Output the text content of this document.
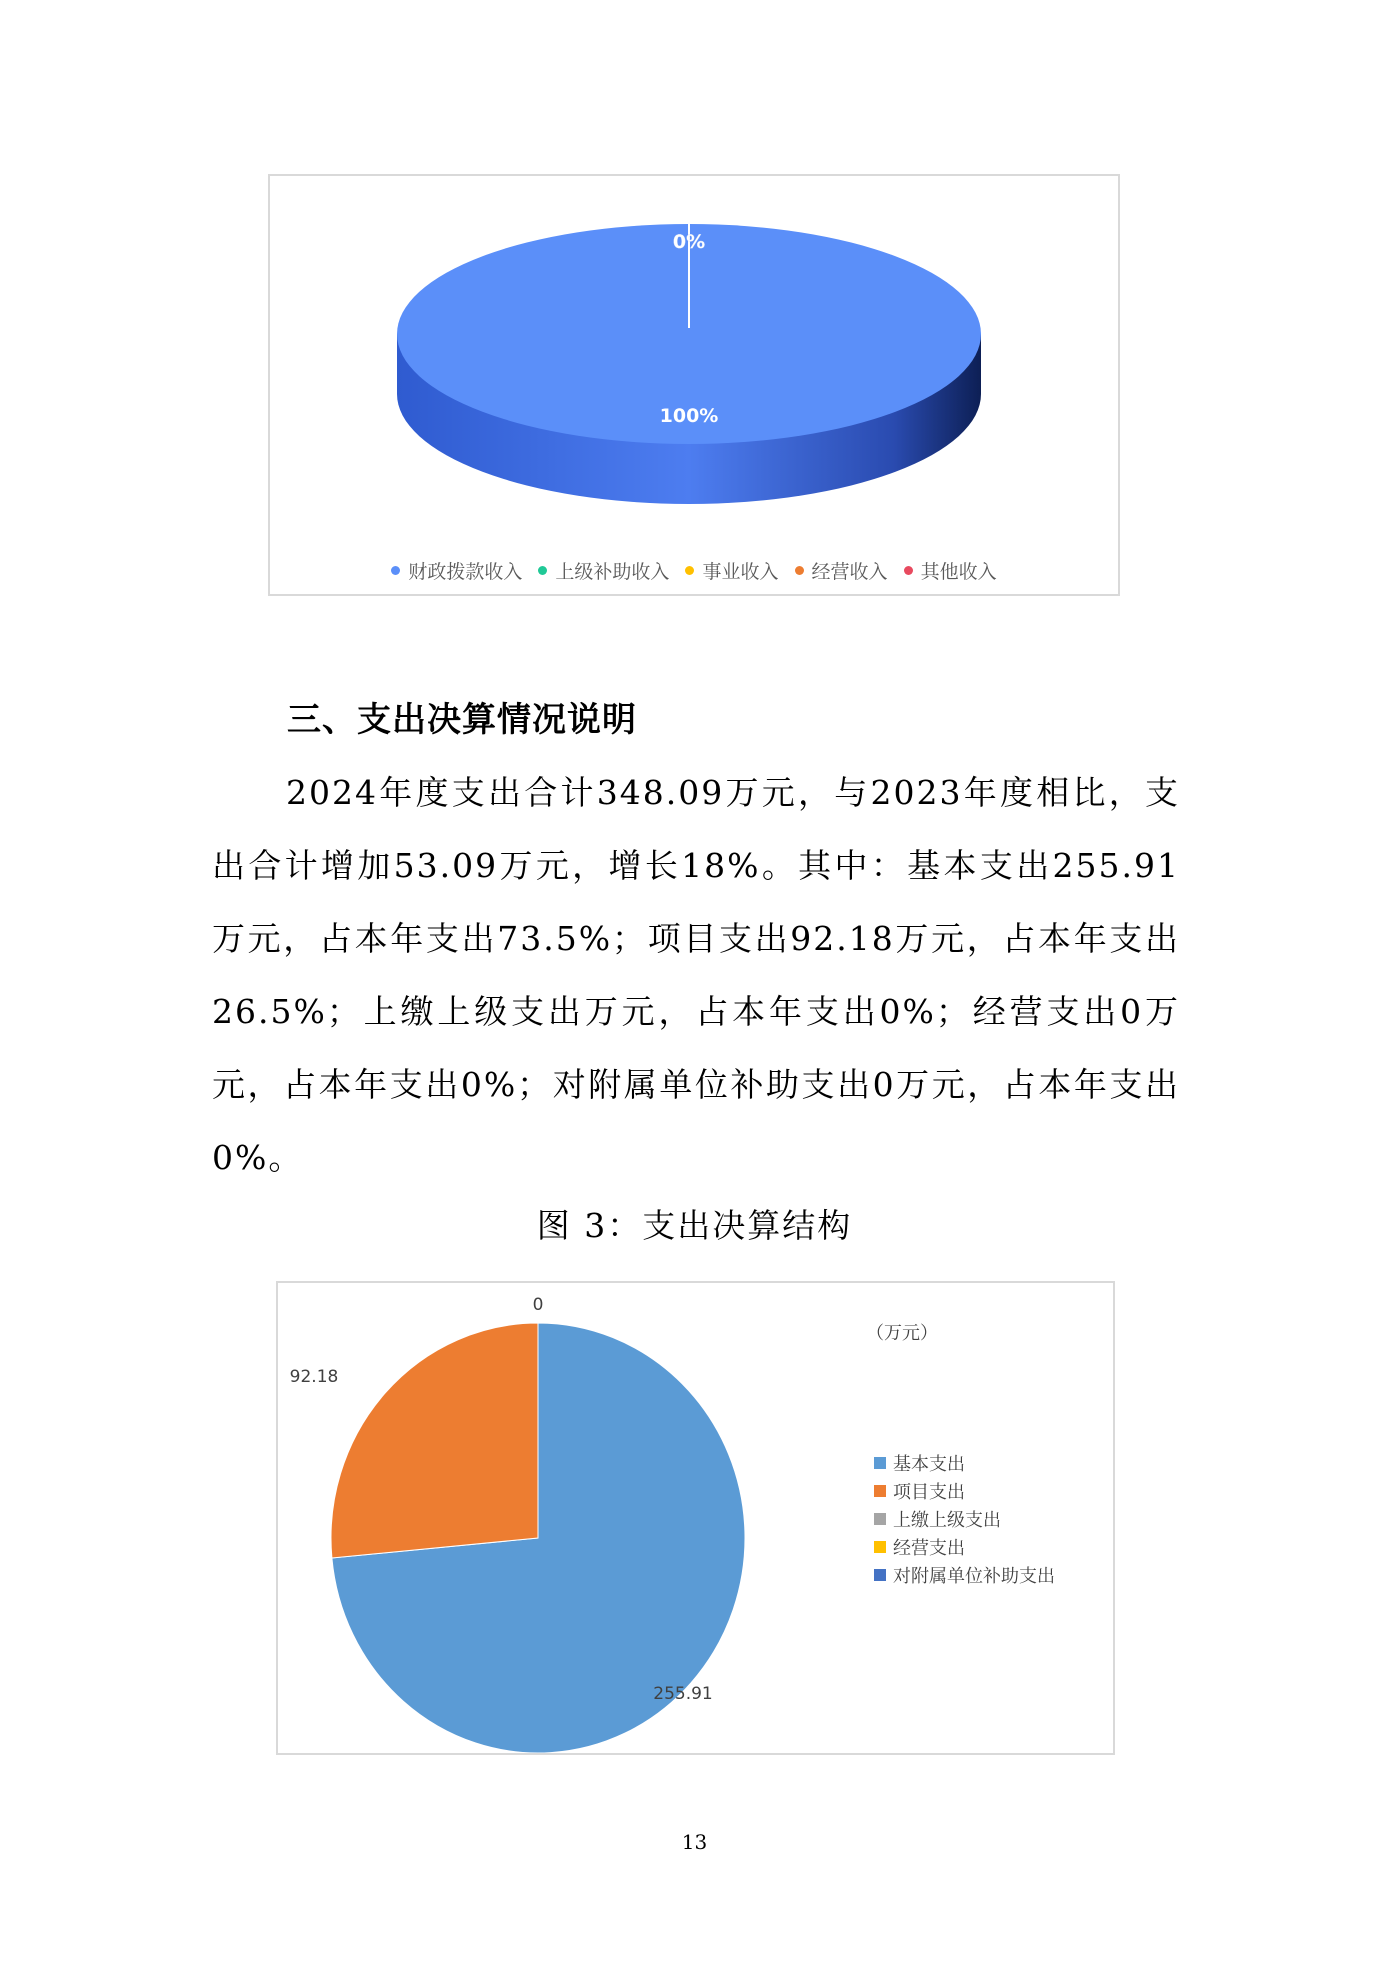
0%
100%
财政拨款收入 上级补助收入 事业收入 经营收入 其他收入
三、支出决算情况说明
2024年度支出合计348.09万元，与2023年度相比，支出合计增加53.09万元，增长18%。其中：基本支出255.91万元，占本年支出73.5%；项目支出92.18万元，占本年支出26.5%；上缴上级支出万元，占本年支出0%；经营支出0万元，占本年支出0%；对附属单位补助支出0万元，占本年支出0%。
图 3：支出决算结构
255.91
92.18
0
（万元）
基本支出
项目支出
上缴上级支出
经营支出
对附属单位补助支出
13
